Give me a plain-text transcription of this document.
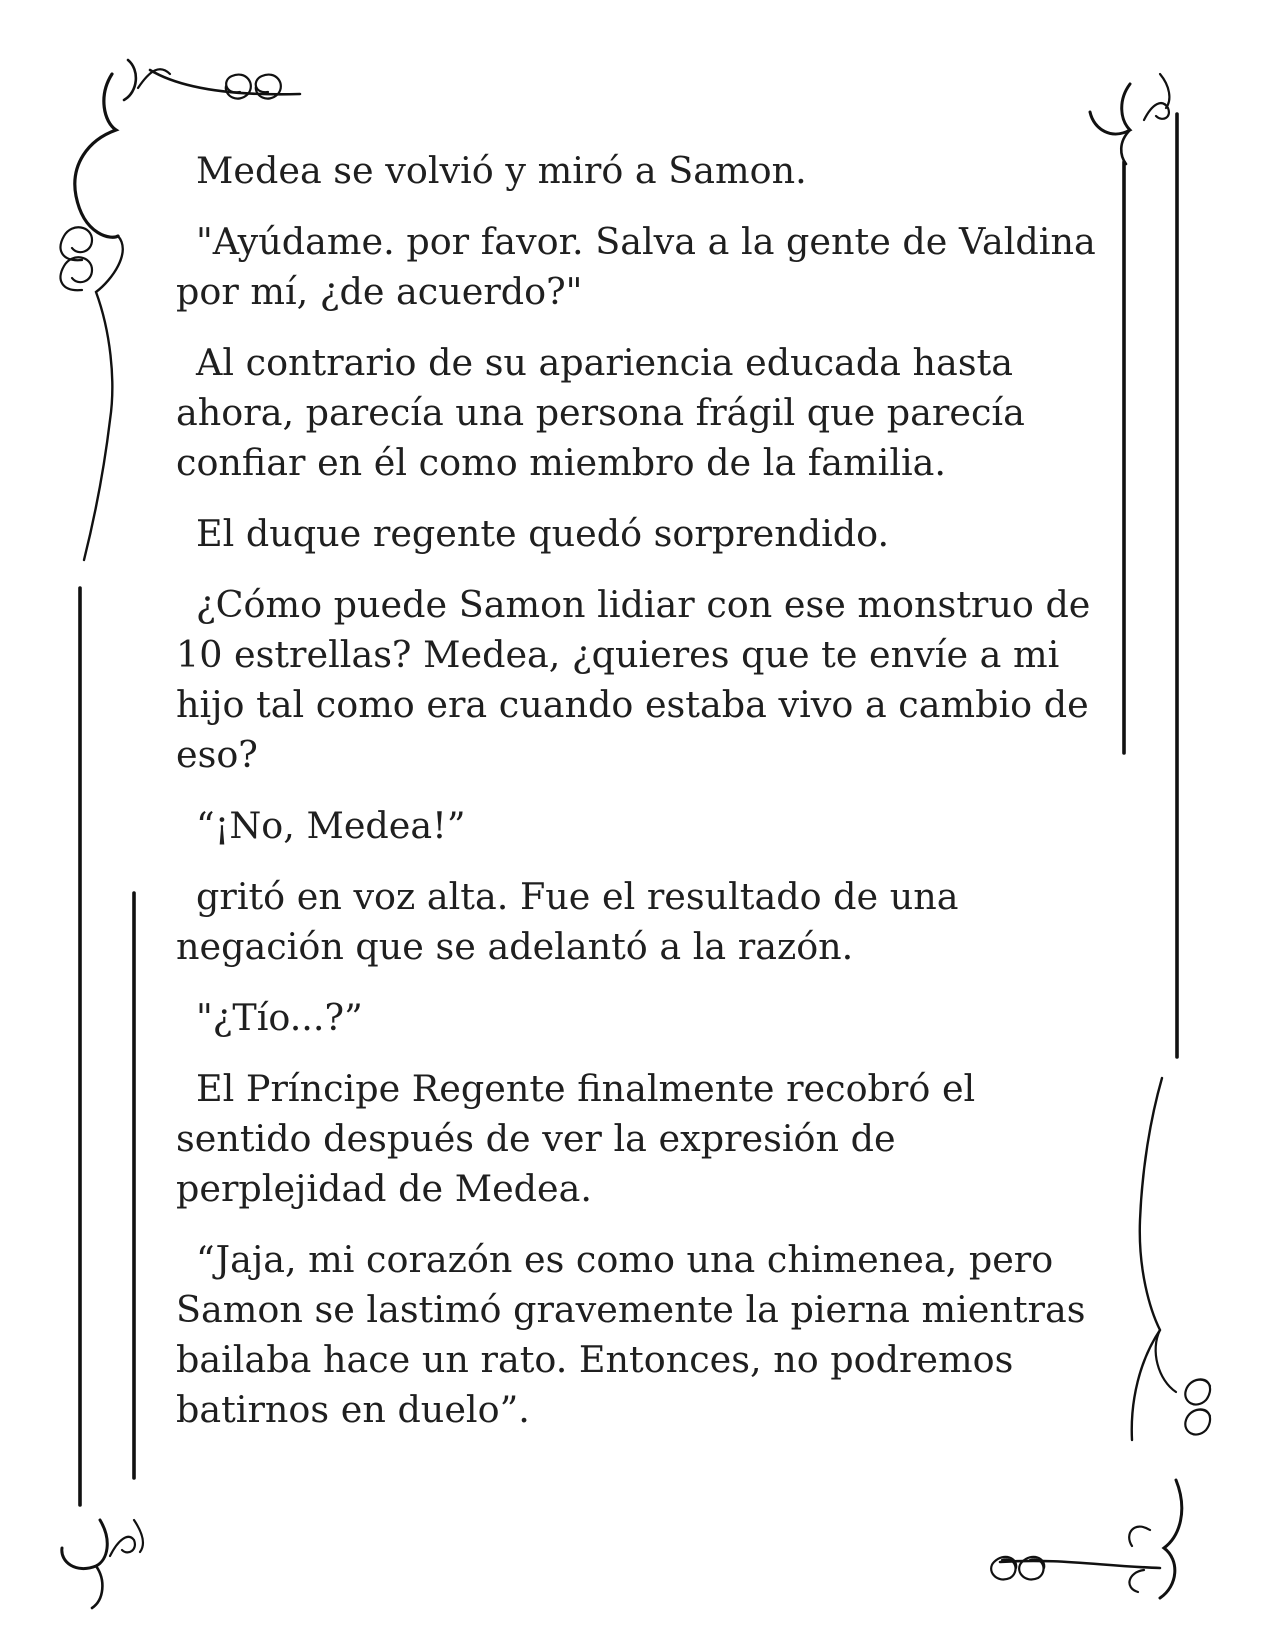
Medea se volvió y miró a Samon.

"Ayúdame. por favor. Salva a la gente de Valdina por mí, ¿de acuerdo?"

Al contrario de su apariencia educada hasta ahora, parecía una persona frágil que parecía confiar en él como miembro de la familia.

El duque regente quedó sorprendido.

¿Cómo puede Samon lidiar con ese monstruo de 10 estrellas? Medea, ¿quieres que te envíe a mi hijo tal como era cuando estaba vivo a cambio de eso?

“¡No, Medea!”

gritó en voz alta. Fue el resultado de una negación que se adelantó a la razón.

"¿Tío...?”

El Príncipe Regente finalmente recobró el sentido después de ver la expresión de perplejidad de Medea.

“Jaja, mi corazón es como una chimenea, pero Samon se lastimó gravemente la pierna mientras bailaba hace un rato. Entonces, no podremos batirnos en duelo”.
